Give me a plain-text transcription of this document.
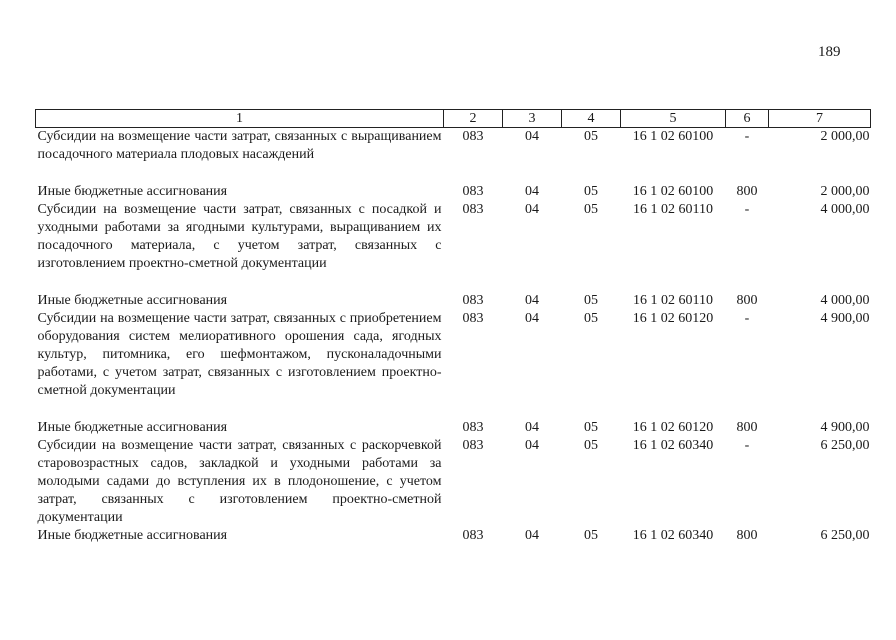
189
1	2	3	4	5	6	7
Субсидии на возмещение части затрат, связанных с выращиванием посадочного материала плодовых насаждений	083	04	05	16 1 02 60100	-	2 000,00
Иные бюджетные ассигнования	083	04	05	16 1 02 60100	800	2 000,00
Субсидии на возмещение части затрат, связанных с посадкой и уходными работами за ягодными культурами, выращиванием их посадочного материала, с учетом затрат, связанных с изготовлением проектно-сметной документации	083	04	05	16 1 02 60110	-	4 000,00
Иные бюджетные ассигнования	083	04	05	16 1 02 60110	800	4 000,00
Субсидии на возмещение части затрат, связанных с приобретением оборудования систем мелиоративного орошения сада, ягодных культур, питомника, его шефмонтажом, пусконаладочными работами, с учетом затрат, связанных с изготовлением проектно-сметной документации	083	04	05	16 1 02 60120	-	4 900,00
Иные бюджетные ассигнования	083	04	05	16 1 02 60120	800	4 900,00
Субсидии на возмещение части затрат, связанных с раскорчевкой старовозрастных садов, закладкой и уходными работами за молодыми садами до вступления их в плодоношение, с учетом затрат, связанных с изготовлением проектно-сметной документации	083	04	05	16 1 02 60340	-	6 250,00
Иные бюджетные ассигнования	083	04	05	16 1 02 60340	800	6 250,00
